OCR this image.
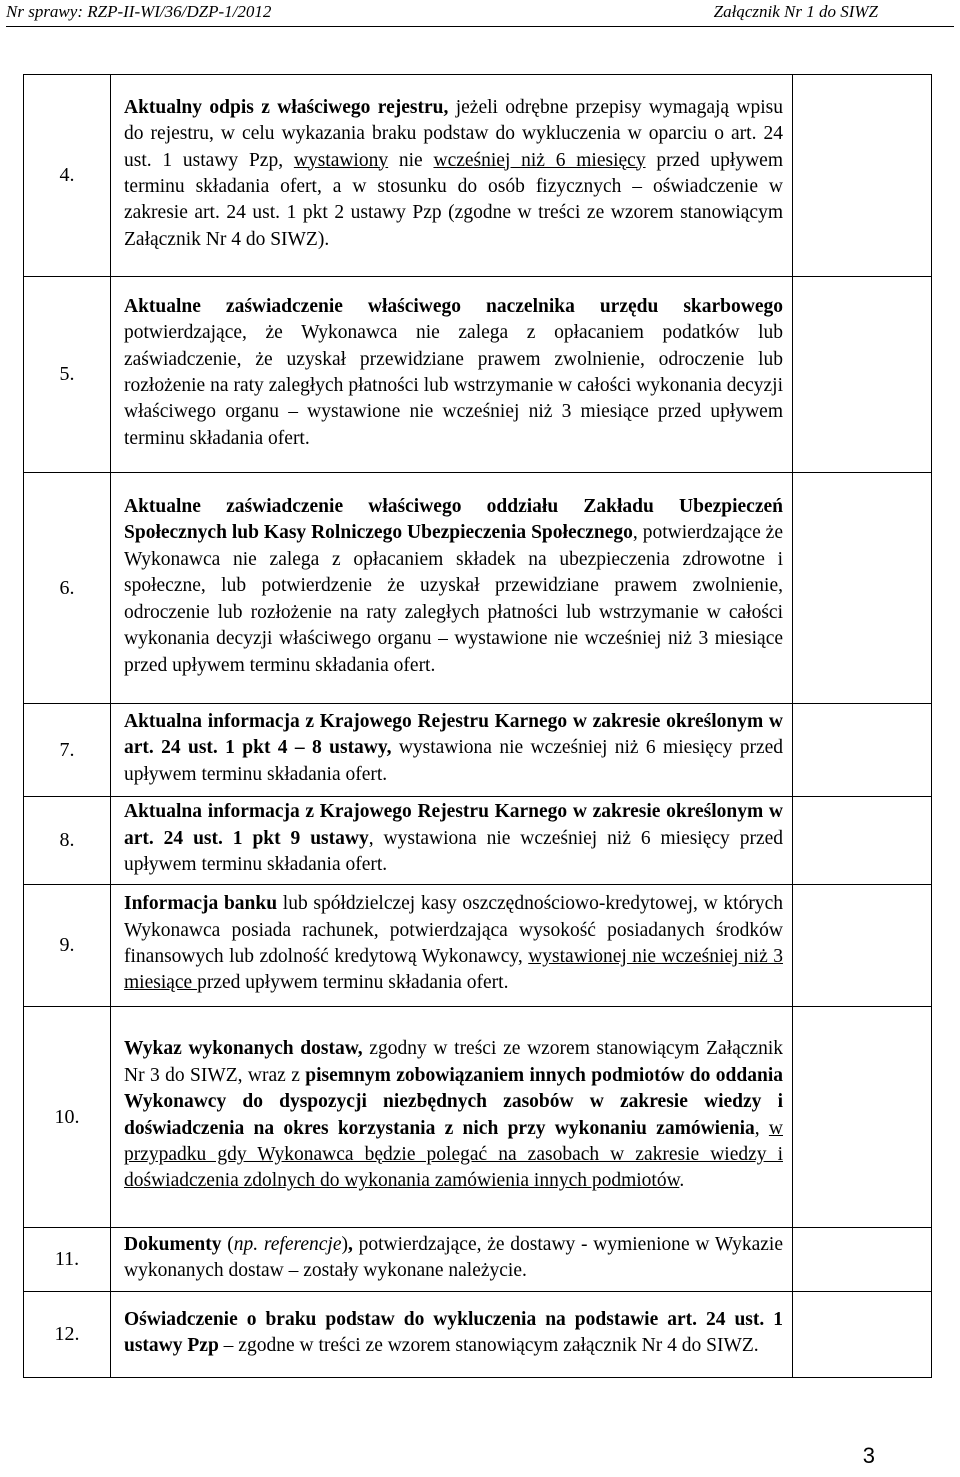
Nr sprawy: RZP-II-WI/36/DZP-1/2012	Załącznik Nr 1 do SIWZ
4.	Aktualny odpis z właściwego rejestru, jeżeli odrębne przepisy wymagają wpisu do rejestru, w celu wykazania braku podstaw do wykluczenia w oparciu o art. 24 ust. 1 ustawy Pzp, wystawiony nie wcześniej niż 6 miesięcy przed upływem terminu składania ofert, a w stosunku do osób fizycznych – oświadczenie w zakresie art. 24 ust. 1 pkt 2 ustawy Pzp (zgodne w treści ze wzorem stanowiącym Załącznik Nr 4 do SIWZ).	
5.	Aktualne zaświadczenie właściwego naczelnika urzędu skarbowego potwierdzające, że Wykonawca nie zalega z opłacaniem podatków lub zaświadczenie, że uzyskał przewidziane prawem zwolnienie, odroczenie lub rozłożenie na raty zaległych płatności lub wstrzymanie w całości wykonania decyzji właściwego organu – wystawione nie wcześniej niż 3 miesiące przed upływem terminu składania ofert.	
6.	Aktualne zaświadczenie właściwego oddziału Zakładu Ubezpieczeń Społecznych lub Kasy Rolniczego Ubezpieczenia Społecznego, potwierdzające że Wykonawca nie zalega z opłacaniem składek na ubezpieczenia zdrowotne i społeczne, lub potwierdzenie że uzyskał przewidziane prawem zwolnienie, odroczenie lub rozłożenie na raty zaległych płatności lub wstrzymanie w całości wykonania decyzji właściwego organu – wystawione nie wcześniej niż 3 miesiące przed upływem terminu składania ofert.	
7.	Aktualna informacja z Krajowego Rejestru Karnego w zakresie określonym w art. 24 ust. 1 pkt 4 – 8 ustawy, wystawiona nie wcześniej niż 6 miesięcy przed upływem terminu składania ofert.	
8.	Aktualna informacja z Krajowego Rejestru Karnego w zakresie określonym w art. 24 ust. 1 pkt 9 ustawy, wystawiona nie wcześniej niż 6 miesięcy przed upływem terminu składania ofert.	
9.	Informacja banku lub spółdzielczej kasy oszczędnościowo-kredytowej, w których Wykonawca posiada rachunek, potwierdzająca wysokość posiadanych środków finansowych lub zdolność kredytową Wykonawcy, wystawionej nie wcześniej niż 3 miesiące przed upływem terminu składania ofert.	
10.	Wykaz wykonanych dostaw, zgodny w treści ze wzorem stanowiącym Załącznik Nr 3 do SIWZ, wraz z pisemnym zobowiązaniem innych podmiotów do oddania Wykonawcy do dyspozycji niezbędnych zasobów w zakresie wiedzy i doświadczenia na okres korzystania z nich przy wykonaniu zamówienia, w przypadku gdy Wykonawca będzie polegać na zasobach w zakresie wiedzy i doświadczenia zdolnych do wykonania zamówienia innych podmiotów.	
11.	Dokumenty (np. referencje), potwierdzające, że dostawy - wymienione w Wykazie wykonanych dostaw – zostały wykonane należycie.	
12.	Oświadczenie o braku podstaw do wykluczenia na podstawie art. 24 ust. 1 ustawy Pzp – zgodne w treści ze wzorem stanowiącym załącznik Nr 4 do SIWZ.	
3
